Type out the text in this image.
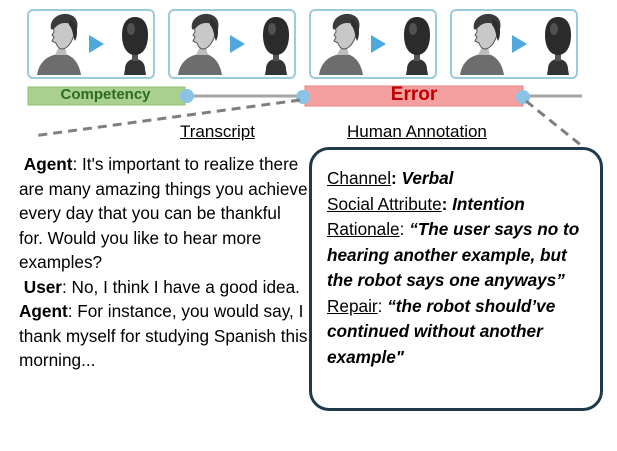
Competency	Error
Transcript	Human Annotation

Agent: It's important to realize there are many amazing things you achieve every day that you can be thankful for. Would you like to hear more examples?

User: No, I think I have a good idea.

Agent: For instance, you would say, I thank myself for studying Spanish this morning...

Channel: Verbal
Social Attribute: Intention
Rationale: “The user says no to hearing another example, but the robot says one anyways”
Repair: “the robot should’ve continued without another example"
